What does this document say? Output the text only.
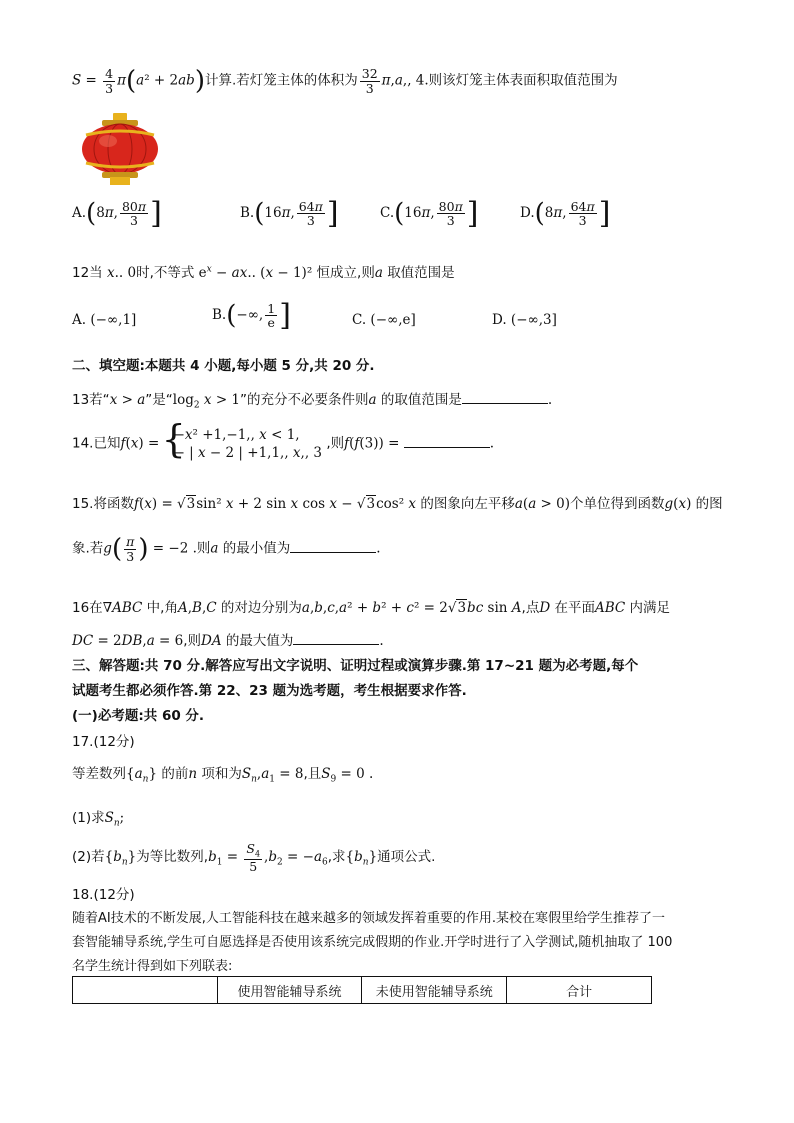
$S = \frac{4}{3} \pi(a^2 + 2ab)$计算.若灯笼主体的体积为 $\frac{32}{3} \pi,a$,, 4.则该灯笼主体表面积取值范围为
A.(8π, $\frac{80\pi}{3}$ ]	B.(16π, $\frac{64\pi}{3}$ ]	C.(16π, $\frac{80\pi}{3}$ ]	D.(8π, $\frac{64\pi}{3}$ ]
12当 x.. 0时,不等式 $e^x$ − ax.. (x − 1)² 恒成立,则a 取值范围是
A. (−∞,1]	B.(−∞, $\frac{1}{e}$ ]	C. (−∞,e]	D. (−∞,3]
二、填空题:本题共 4 小题,每小题 5 分,共 20 分.
13若“x > a”是“$\log_2$ x > 1”的充分不必要条件则a 的取值范围是	.
14.已知f(x) =
{ −x² +1,−1,, x < 1,
− | x − 2 | +1,1,, x,, 3
,则f(f(3)) =	.
15.将函数f(x) = √3sin² x + 2 sin x cos x − √3cos² x 的图象向左平移a(a > 0)个单位得到函数g(x) 的图
象.若$g( \frac{\pi}{3}$ ) = −2 .则a 的最小值为	.
16在∇ABC 中,角A,B,C 的对边分别为a,b,c,a² + b² + c² = 2√3bc sin A,点D 在平面ABC 内满足
DC = 2DB,a = 6,则DA 的最大值为	.
三、解答题:共 70 分.解答应写出文字说明、证明过程或演算步骤.第 17~21 题为必考题,每个
试题考生都必须作答.第 22、23 题为选考题，考生根据要求作答.
(一)必考题:共 60 分.
17.(12分)
等差数列$\{a_n\}$ 的前n 项和为$S_n,a_1 = 8$,且$S_9 = 0$ .
(1)求$S_n$;
(2)若$\{b_n\}$为等比数列$,b_1 = \frac{S_4}{5} ,b_2 = -a_6$,求$\{b_n\}$通项公式.
18.(12分)
随着AI技术的不断发展,人工智能科技在越来越多的领域发挥着重要的作用.某校在寒假里给学生推荐了一
套智能辅导系统,学生可自愿选择是否使用该系统完成假期的作业.开学时进行了入学测试,随机抽取了 100
名学生统计得到如下列联表:
	使用智能辅导系统	未使用智能辅导系统	合计
